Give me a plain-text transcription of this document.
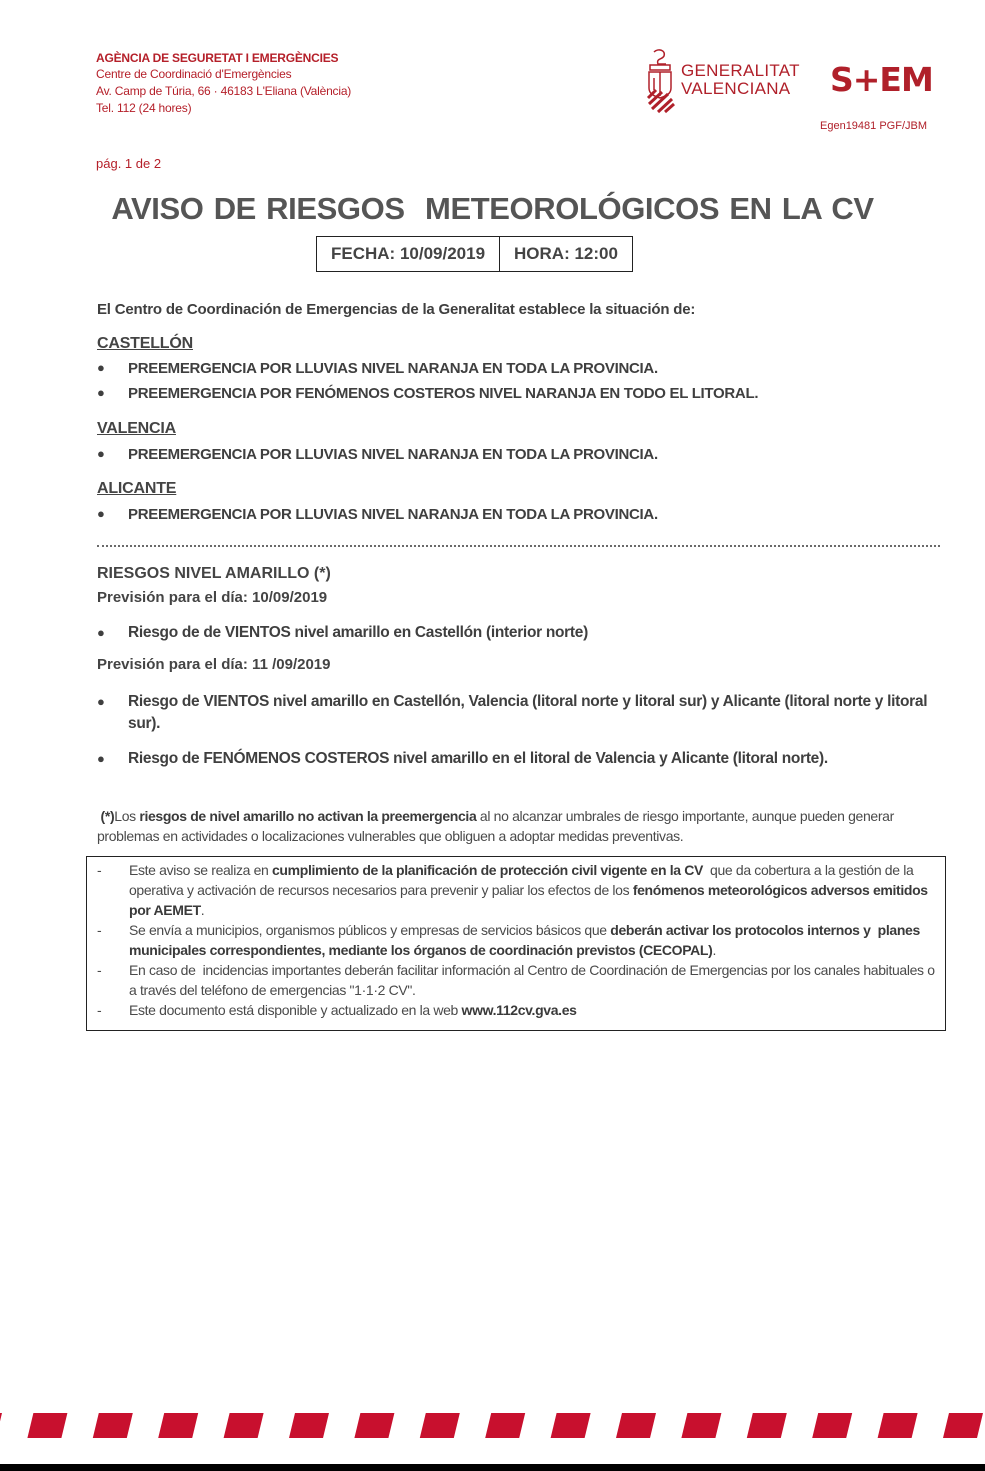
AGÈNCIA DE SEGURETAT I EMERGÈNCIES
Centre de Coordinació d'Emergències
Av. Camp de Túria, 66 · 46183 L'Eliana (València)
Tel. 112 (24 hores)
pág. 1 de 2
GENERALITAT
VALENCIANA S+EM
Egen19481 PGF/JBM
AVISO DE RIESGOS  METEOROLÓGICOS EN LA CV
FECHA: 10/09/2019	HORA: 12:00
El Centro de Coordinación de Emergencias de la Generalitat establece la situación de:
CASTELLÓN
●	PREEMERGENCIA POR LLUVIAS NIVEL NARANJA EN TODA LA PROVINCIA.
●	PREEMERGENCIA POR FENÓMENOS COSTEROS NIVEL NARANJA EN TODO EL LITORAL.
VALENCIA
●	PREEMERGENCIA POR LLUVIAS NIVEL NARANJA EN TODA LA PROVINCIA.
ALICANTE
●	PREEMERGENCIA POR LLUVIAS NIVEL NARANJA EN TODA LA PROVINCIA.
RIESGOS NIVEL AMARILLO (*)
Previsión para el día: 10/09/2019
●	Riesgo de de VIENTOS nivel amarillo en Castellón (interior norte)
Previsión para el día: 11 /09/2019
●	Riesgo de VIENTOS nivel amarillo en Castellón, Valencia (litoral norte y litoral sur) y Alicante (litoral norte y litoral sur).
●	Riesgo de FENÓMENOS COSTEROS nivel amarillo en el litoral de Valencia y Alicante (litoral norte).
(*)Los riesgos de nivel amarillo no activan la preemergencia al no alcanzar umbrales de riesgo importante, aunque pueden generar problemas en actividades o localizaciones vulnerables que obliguen a adoptar medidas preventivas.
-	Este aviso se realiza en cumplimiento de la planificación de protección civil vigente en la CV  que da cobertura a la gestión de la operativa y activación de recursos necesarios para prevenir y paliar los efectos de los fenómenos meteorológicos adversos emitidos por AEMET.
-	Se envía a municipios, organismos públicos y empresas de servicios básicos que deberán activar los protocolos internos y  planes municipales correspondientes, mediante los órganos de coordinación previstos (CECOPAL).
-	En caso de  incidencias importantes deberán facilitar información al Centro de Coordinación de Emergencias por los canales habituales o a través del teléfono de emergencias "1·1·2 CV".
-	Este documento está disponible y actualizado en la web www.112cv.gva.es
